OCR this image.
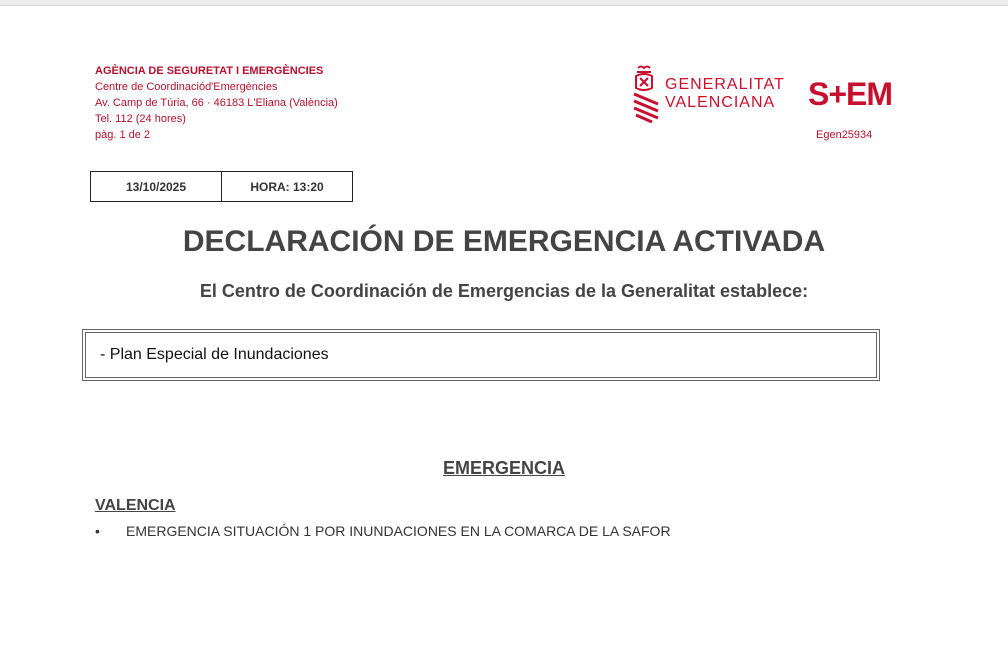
AGÈNCIA DE SEGURETAT I EMERGÈNCIES
Centre de Coordinaciód'Emergències
Av. Camp de Túria, 66 · 46183 L'Eliana (València)
Tel. 112 (24 hores)
pàg. 1 de 2
GENERALITAT
VALENCIANA S+EM
Egen25934
13/10/2025	HORA: 13:20
DECLARACIÓN DE EMERGENCIA ACTIVADA
El Centro de Coordinación de Emergencias de la Generalitat establece:
- Plan Especial de Inundaciones
EMERGENCIA
VALENCIA
•	EMERGENCIA SITUACIÓN 1 POR INUNDACIONES EN LA COMARCA DE LA SAFOR
